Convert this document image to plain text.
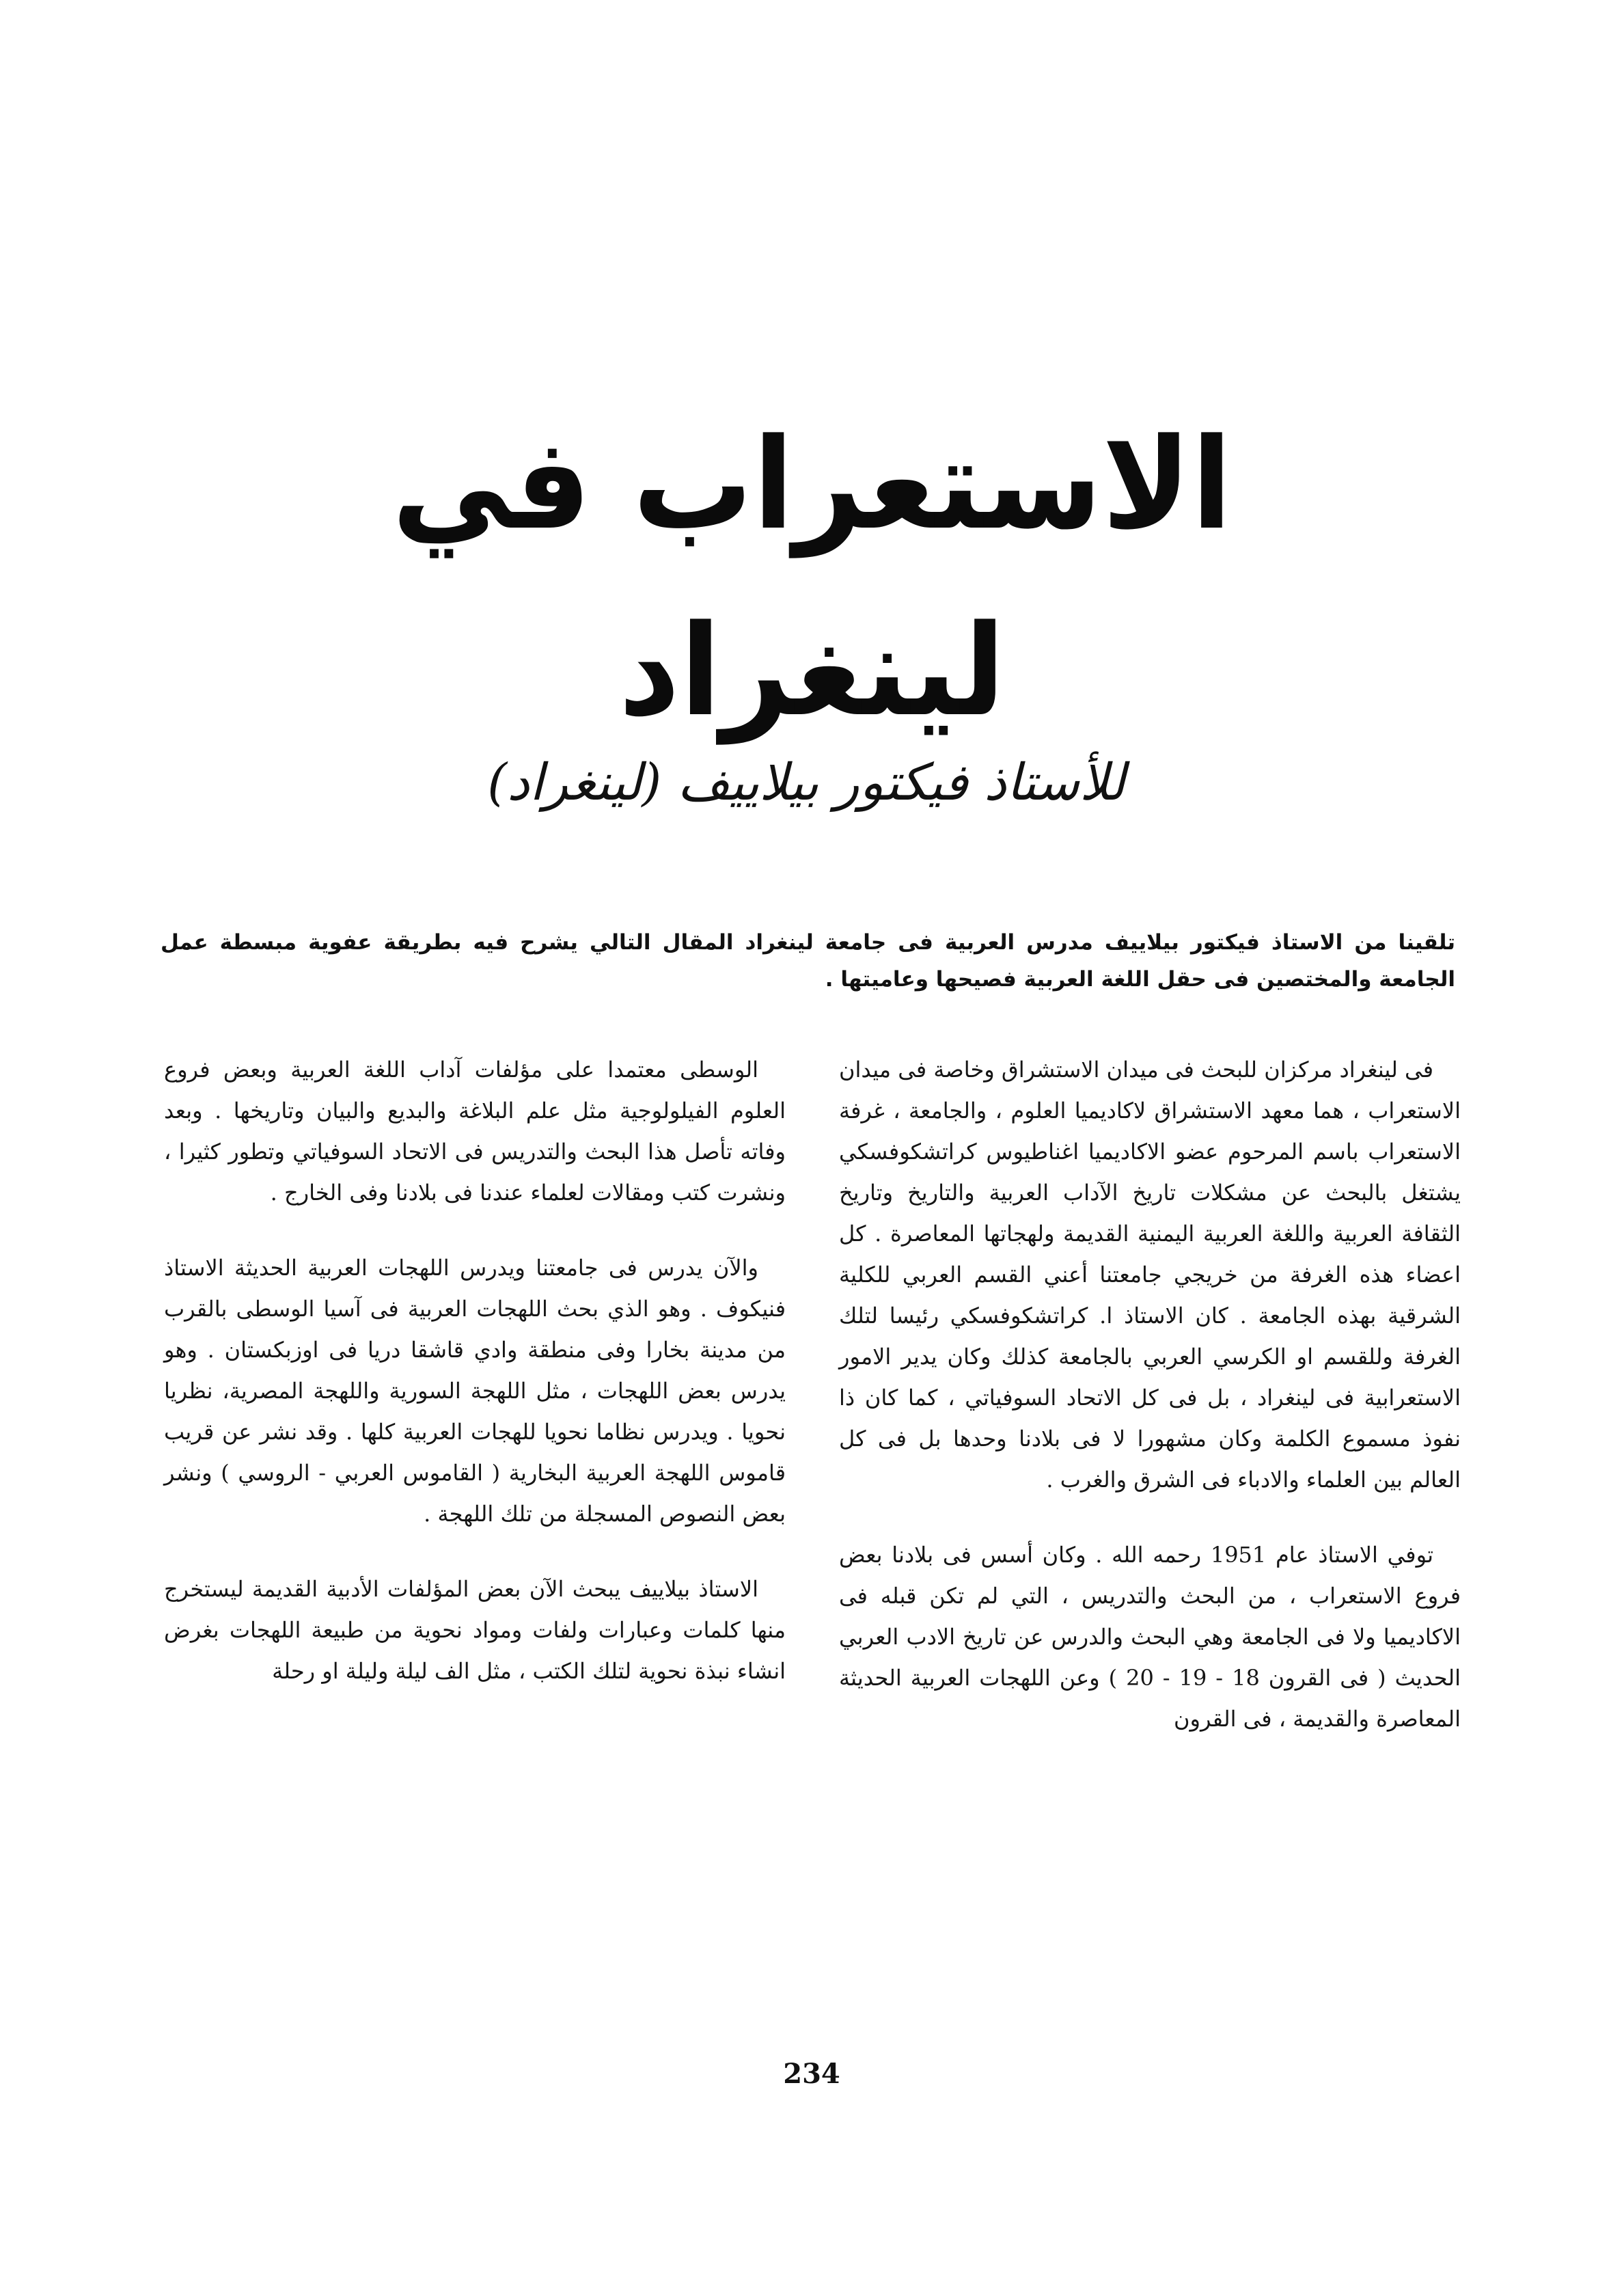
الاستعراب في لينغراد
للأستاذ فيكتور بيلاييف (لينغراد)
تلقينا من الاستاذ فيكتور بيلاييف مدرس العربية فى جامعة لينغراد المقال التالي يشرح فيه بطريقة عفوية مبسطة عمل الجامعة والمختصين فى حقل اللغة العربية فصيحها وعاميتها .

فى لينغراد مركزان للبحث فى ميدان الاستشراق وخاصة فى ميدان الاستعراب ، هما معهد الاستشراق لاكاديميا العلوم ، والجامعة ، غرفة الاستعراب باسم المرحوم عضو الاكاديميا اغناطيوس كراتشكوفسكي يشتغل بالبحث عن مشكلات تاريخ الآداب العربية والتاريخ وتاريخ الثقافة العربية واللغة العربية اليمنية القديمة ولهجاتها المعاصرة . كل اعضاء هذه الغرفة من خريجي جامعتنا أعني القسم العربي للكلية الشرقية بهذه الجامعة . كان الاستاذ ا. كراتشكوفسكي رئيسا لتلك الغرفة وللقسم او الكرسي العربي بالجامعة كذلك وكان يدير الامور الاستعرابية فى لينغراد ، بل فى كل الاتحاد السوفياتي ، كما كان ذا نفوذ مسموع الكلمة وكان مشهورا لا فى بلادنا وحدها بل فى كل العالم بين العلماء والادباء فى الشرق والغرب .

توفي الاستاذ عام 1951 رحمه الله . وكان أسس فى بلادنا بعض فروع الاستعراب ، من البحث والتدريس ، التي لم تكن قبله فى الاكاديميا ولا فى الجامعة وهي البحث والدرس عن تاريخ الادب العربي الحديث ( فى القرون 18 - 19 - 20 ) وعن اللهجات العربية الحديثة المعاصرة والقديمة ، فى القرون

الوسطى معتمدا على مؤلفات آداب اللغة العربية وبعض فروع العلوم الفيلولوجية مثل علم البلاغة والبديع والبيان وتاريخها . وبعد وفاته تأصل هذا البحث والتدريس فى الاتحاد السوفياتي وتطور كثيرا ، ونشرت كتب ومقالات لعلماء عندنا فى بلادنا وفى الخارج .

والآن يدرس فى جامعتنا ويدرس اللهجات العربية الحديثة الاستاذ فنيكوف . وهو الذي بحث اللهجات العربية فى آسيا الوسطى بالقرب من مدينة بخارا وفى منطقة وادي قاشقا دريا فى اوزبكستان . وهو يدرس بعض اللهجات ، مثل اللهجة السورية واللهجة المصرية، نظريا نحويا . ويدرس نظاما نحويا للهجات العربية كلها . وقد نشر عن قريب قاموس اللهجة العربية البخارية ( القاموس العربي - الروسي ) ونشر بعض النصوص المسجلة من تلك اللهجة .

الاستاذ بيلاييف يبحث الآن بعض المؤلفات الأدبية القديمة ليستخرج منها كلمات وعبارات ولفات ومواد نحوية من طبيعة اللهجات بغرض انشاء نبذة نحوية لتلك الكتب ، مثل الف ليلة وليلة او رحلة

234
